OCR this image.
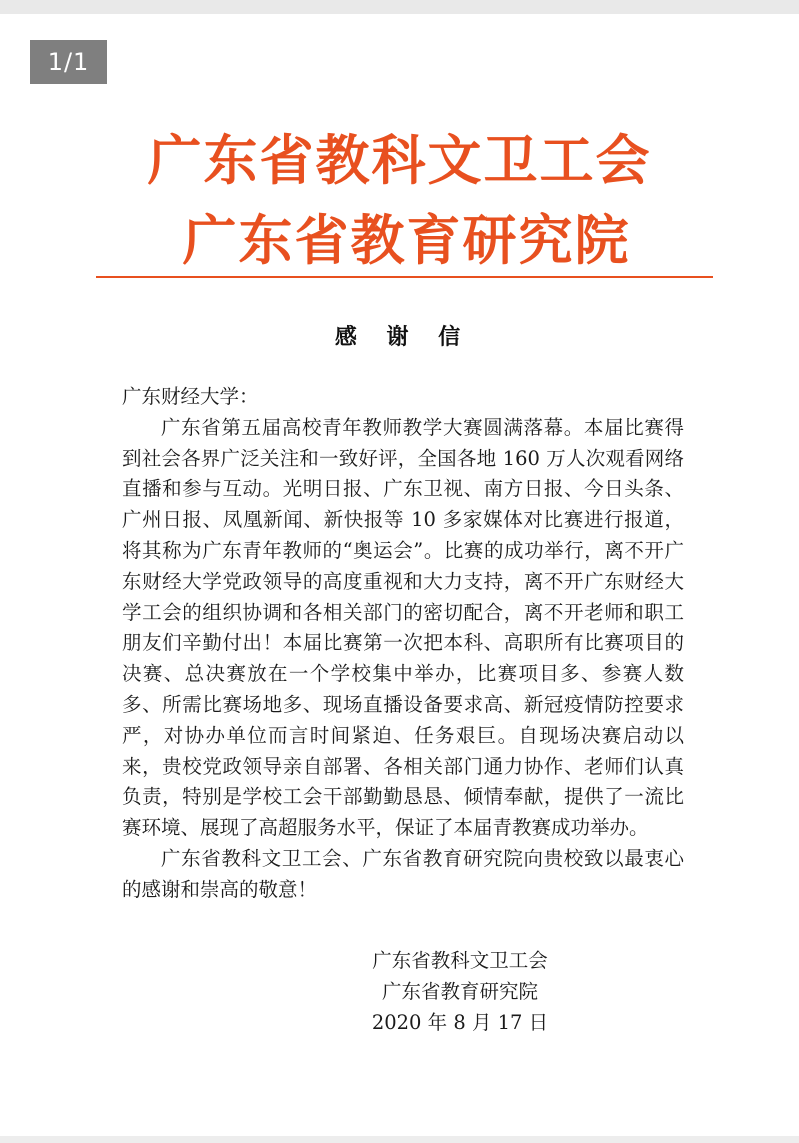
1/1
广东省教科文卫工会
广东省教育研究院
感 谢 信

广东财经大学：

广东省第五届高校青年教师教学大赛圆满落幕。本届比赛得到社会各界广泛关注和一致好评，全国各地 160 万人次观看网络直播和参与互动。光明日报、广东卫视、南方日报、今日头条、广州日报、凤凰新闻、新快报等 10 多家媒体对比赛进行报道，将其称为广东青年教师的“奥运会”。比赛的成功举行，离不开广东财经大学党政领导的高度重视和大力支持，离不开广东财经大学工会的组织协调和各相关部门的密切配合，离不开老师和职工朋友们辛勤付出！本届比赛第一次把本科、高职所有比赛项目的决赛、总决赛放在一个学校集中举办，比赛项目多、参赛人数多、所需比赛场地多、现场直播设备要求高、新冠疫情防控要求严，对协办单位而言时间紧迫、任务艰巨。自现场决赛启动以来，贵校党政领导亲自部署、各相关部门通力协作、老师们认真负责，特别是学校工会干部勤勤恳恳、倾情奉献，提供了一流比赛环境、展现了高超服务水平，保证了本届青教赛成功举办。

广东省教科文卫工会、广东省教育研究院向贵校致以最衷心的感谢和崇高的敬意！

广东省教科文卫工会
广东省教育研究院
2020 年 8 月 17 日
